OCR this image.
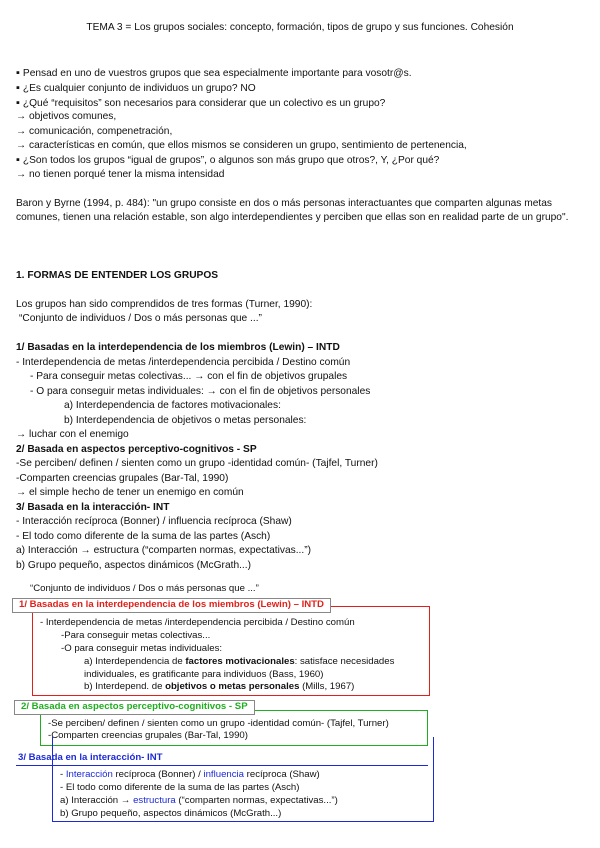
TEMA 3 = Los grupos sociales: concepto, formación, tipos de grupo y sus funciones. Cohesión
▪ Pensad en uno de vuestros grupos que sea especialmente importante para vosotr@s.
▪ ¿Es cualquier conjunto de individuos un grupo? NO
▪ ¿Qué “requisitos” son necesarios para considerar que un colectivo es un grupo?
→ objetivos comunes,
→ comunicación, compenetración,
→ características en común, que ellos mismos se consideren un grupo, sentimiento de pertenencia,
▪ ¿Son todos los grupos “igual de grupos”, o algunos son más grupo que otros?, Y, ¿Por qué?
→ no tienen porqué tener la misma intensidad
Baron y Byrne (1994, p. 484): "un grupo consiste en dos o más personas interactuantes que comparten algunas metas comunes, tienen una relación estable, son algo interdependientes y perciben que ellas son en realidad parte de un grupo".
1. FORMAS DE ENTENDER LOS GRUPOS
Los grupos han sido comprendidos de tres formas (Turner, 1990):
“Conjunto de individuos / Dos o más personas que ...”
1/ Basadas en la interdependencia de los miembros (Lewin) – INTD
- Interdependencia de metas /interdependencia percibida / Destino común
- Para conseguir metas colectivas... → con el fin de objetivos grupales
- O para conseguir metas individuales: → con el fin de objetivos personales
a) Interdependencia de factores motivacionales:
b) Interdependencia de objetivos o metas personales:
→ luchar con el enemigo
2/ Basada en aspectos perceptivo-cognitivos - SP
-Se perciben/ definen / sienten como un grupo -identidad común- (Tajfel, Turner)
-Comparten creencias grupales (Bar-Tal, 1990)
→ el simple hecho de tener un enemigo en común
3/ Basada en la interacción- INT
- Interacción recíproca (Bonner) / influencia recíproca (Shaw)
- El todo como diferente de la suma de las partes (Asch)
a) Interacción → estructura (“comparten normas, expectativas...”)
b) Grupo pequeño, aspectos dinámicos (McGrath...)
“Conjunto de individuos / Dos o más personas que ...”
1/ Basadas en la interdependencia de los miembros (Lewin) – INTD
- Interdependencia de metas /interdependencia percibida / Destino común
-Para conseguir metas colectivas...
-O para conseguir metas individuales:
a) Interdependencia de factores motivacionales: satisface necesidades
individuales, es gratificante para individuos (Bass, 1960)
b) Interdepend. de objetivos o metas personales (Mills, 1967)
2/ Basada en aspectos perceptivo-cognitivos - SP
-Se perciben/ definen / sienten como un grupo -identidad común- (Tajfel, Turner)
-Comparten creencias grupales (Bar-Tal, 1990)
3/ Basada en la interacción- INT
- Interacción recíproca (Bonner) / influencia recíproca (Shaw)
- El todo como diferente de la suma de las partes (Asch)
a) Interacción → estructura (“comparten normas, expectativas...”)
b) Grupo pequeño, aspectos dinámicos (McGrath...)
